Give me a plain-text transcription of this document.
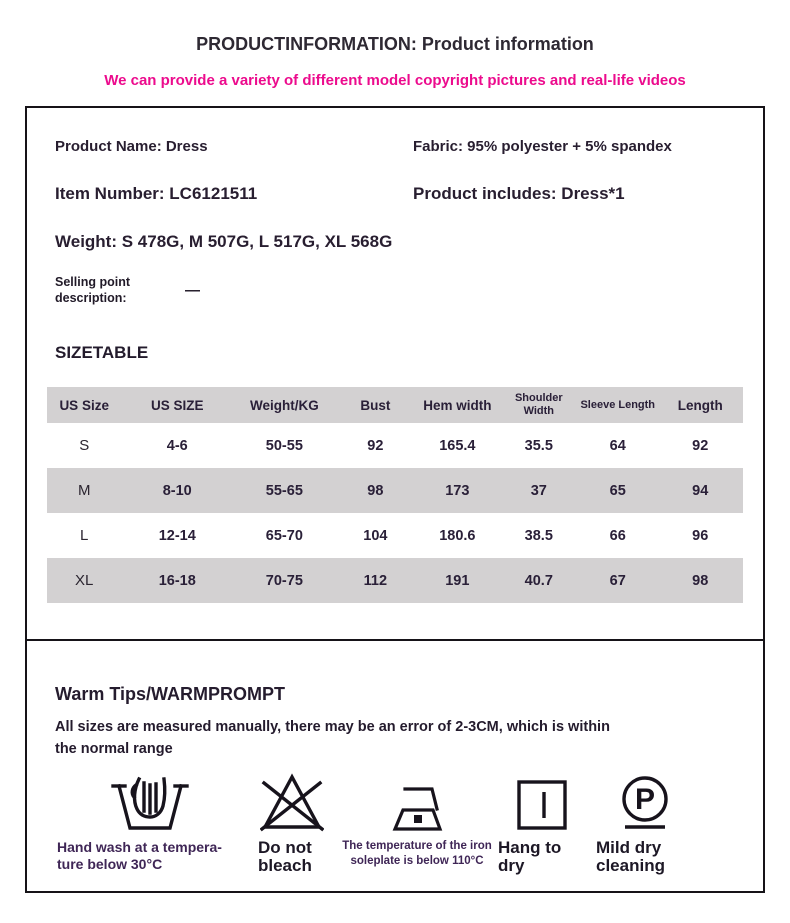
PRODUCTINFORMATION: Product information
We can provide a variety of different model copyright pictures and real-life videos
Product Name: Dress	Fabric: 95% polyester + 5% spandex
Item Number: LC6121511	Product includes: Dress*1
Weight: S 478G, M 507G, L 517G, XL 568G
Selling point description:	—
SIZETABLE
US Size	US SIZE	Weight/KG	Bust	Hem width	Shoulder Width	Sleeve Length	Length
S	4-6	50-55	92	165.4	35.5	64	92
M	8-10	55-65	98	173	37	65	94
L	12-14	65-70	104	180.6	38.5	66	96
XL	16-18	70-75	112	191	40.7	67	98
Warm Tips/WARMPROMPT
All sizes are measured manually, there may be an error of 2-3CM, which is within the normal range
Hand wash at a temperature below 30°C
Do not bleach
The temperature of the iron soleplate is below 110°C
Hang to dry
P
Mild dry cleaning
